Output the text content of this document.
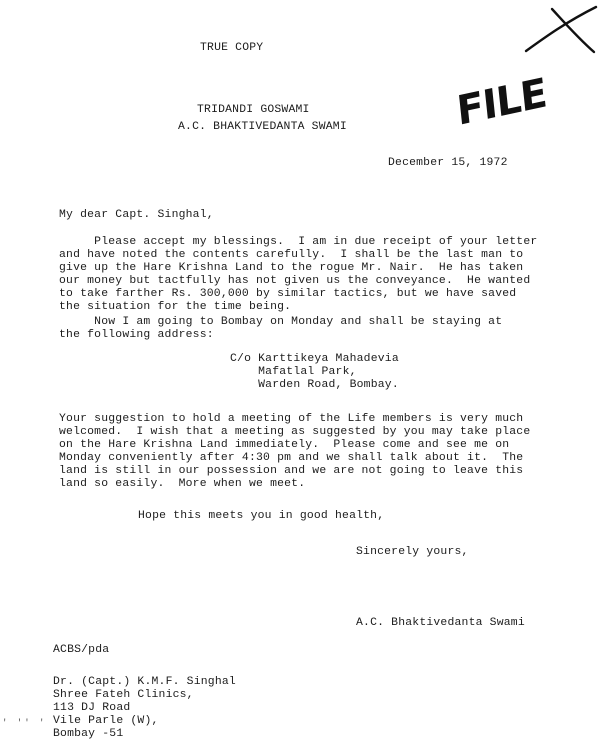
TRUE COPY
TRIDANDI GOSWAMI
A.C. BHAKTIVEDANTA SWAMI	FILE
December 15, 1972
My dear Capt. Singhal,
Please accept my blessings.  I am in due receipt of your letter
and have noted the contents carefully.  I shall be the last man to
give up the Hare Krishna Land to the rogue Mr. Nair.  He has taken
our money but tactfully has not given us the conveyance.  He wanted
to take farther Rs. 300,000 by similar tactics, but we have saved
the situation for the time being.
Now I am going to Bombay on Monday and shall be staying at
the following address:
C/o Karttikeya Mahadevia
Mafatlal Park,
Warden Road, Bombay.
Your suggestion to hold a meeting of the Life members is very much
welcomed.  I wish that a meeting as suggested by you may take place
on the Hare Krishna Land immediately.  Please come and see me on
Monday conveniently after 4:30 pm and we shall talk about it.  The
land is still in our possession and we are not going to leave this
land so easily.  More when we meet.
Hope this meets you in good health,
Sincerely yours,
A.C. Bhaktivedanta Swami
ACBS/pda
Dr. (Capt.) K.M.F. Singhal
Shree Fateh Clinics,
113 DJ Road
Vile Parle (W),
Bombay -51
' '' '
